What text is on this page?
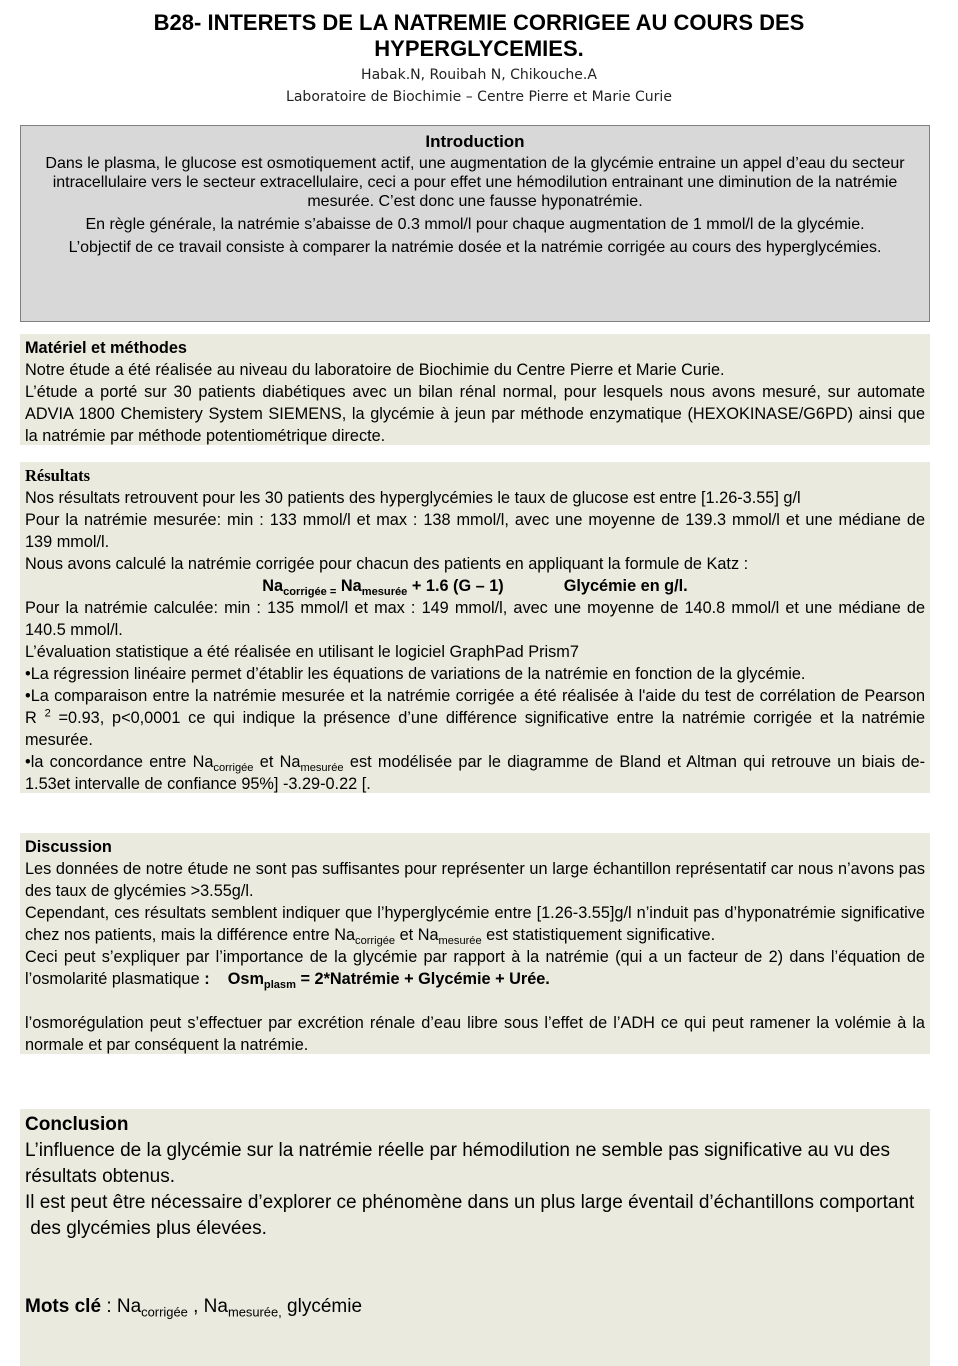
B28- INTERETS DE LA NATREMIE CORRIGEE AU COURS DES
HYPERGLYCEMIES.
Habak.N, Rouibah N, Chikouche.A
Laboratoire de Biochimie – Centre Pierre et Marie Curie
Introduction

Dans le plasma, le glucose est osmotiquement actif, une augmentation de la glycémie entraine un appel d’eau du secteur intracellulaire vers le secteur extracellulaire, ceci a pour effet une hémodilution entrainant une diminution de la natrémie mesurée. C’est donc une fausse hyponatrémie.

En règle générale, la natrémie s’abaisse de 0.3 mmol/l pour chaque augmentation de 1 mmol/l de la glycémie.

L’objectif de ce travail consiste à comparer la natrémie dosée et la natrémie corrigée au cours des hyperglycémies.

Matériel et méthodes

Notre étude a été réalisée au niveau du laboratoire de Biochimie du Centre Pierre et Marie Curie.

L’étude a porté sur 30 patients diabétiques avec un bilan rénal normal, pour lesquels nous avons mesuré, sur automate ADVIA 1800 Chemistery System SIEMENS, la glycémie à jeun par méthode enzymatique (HEXOKINASE/G6PD) ainsi que la natrémie par méthode potentiométrique directe.

Résultats

Nos résultats retrouvent pour les 30 patients des hyperglycémies le taux de glucose est entre [1.26-3.55] g/l

Pour la natrémie mesurée: min : 133 mmol/l et max : 138 mmol/l, avec une moyenne de 139.3 mmol/l et une médiane de 139 mmol/l.

Nous avons calculé la natrémie corrigée pour chacun des patients en appliquant la formule de Katz :

$Na_{corrigée =}$ $Na_{mesurée} + 1.6$ (G – 1)	Glycémie en g/l.

Pour la natrémie calculée: min : 135 mmol/l et max : 149 mmol/l, avec une moyenne de 140.8 mmol/l et une médiane de 140.5 mmol/l.

L’évaluation statistique a été réalisée en utilisant le logiciel GraphPad Prism7

•La régression linéaire permet d’établir les équations de variations de la natrémie en fonction de la glycémie.

•La comparaison entre la natrémie mesurée et la natrémie corrigée a été réalisée à l'aide du test de corrélation de Pearson R $^2$ =0.93, p<0,0001 ce qui indique la présence d’une différence significative entre la natrémie corrigée et la natrémie mesurée.

•la concordance entre $Na_{corrigée}$ et $Na_{mesurée}$ est modélisée par le diagramme de Bland et Altman qui retrouve un biais de-1.53et intervalle de confiance 95%] -3.29-0.22 [.

Discussion

Les données de notre étude ne sont pas suffisantes pour représenter un large échantillon représentatif car nous n’avons pas des taux de glycémies >3.55g/l.

Cependant, ces résultats semblent indiquer que l’hyperglycémie entre [1.26-3.55]g/l n’induit pas d’hyponatrémie significative chez nos patients, mais la différence entre $Na_{corrigée}$ et $Na_{mesurée}$ est statistiquement significative.

Ceci peut s’expliquer par l’importance de la glycémie par rapport à la natrémie (qui a un facteur de 2) dans l’équation de l’osmolarité plasmatique : Osm$_{plasm}$ = 2*Natrémie + Glycémie + Urée.

l’osmorégulation peut s’effectuer par excrétion rénale d’eau libre sous l’effet de l’ADH ce qui peut ramener la volémie à la normale et par conséquent la natrémie.

Conclusion

L’influence de la glycémie sur la natrémie réelle par hémodilution ne semble pas significative au vu des résultats obtenus.

Il est peut être nécessaire d’explorer ce phénomène dans un plus large éventail d’échantillons comportant

des glycémies plus élevées.

Mots clé : $Na_{corrigée}$ , $Na_{mesurée,}$ glycémie
